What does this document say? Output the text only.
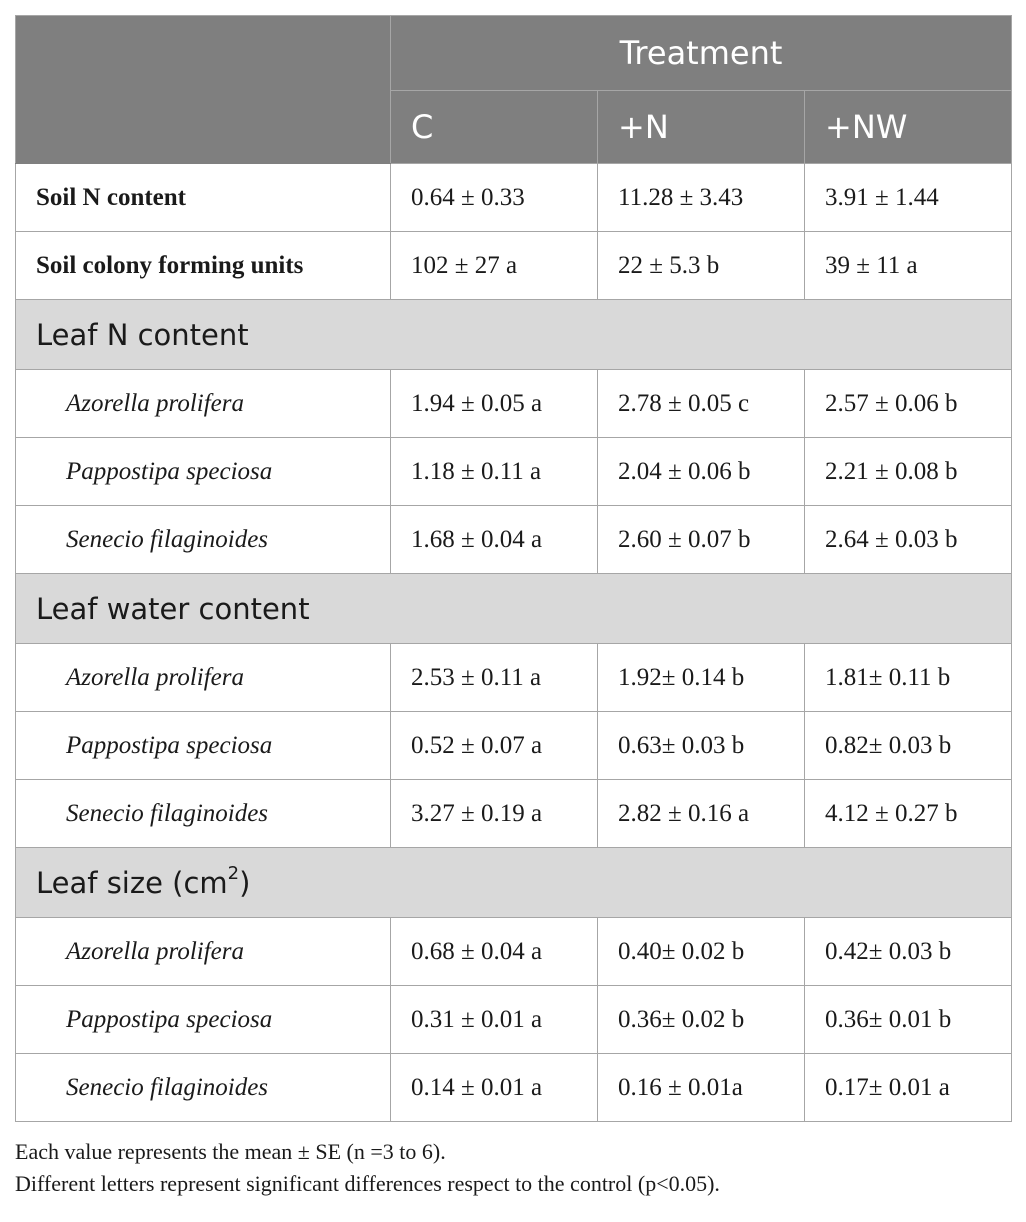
	Treatment		
	C	+N	+NW
Soil N content	0.64 ± 0.33	11.28 ± 3.43	3.91 ± 1.44
Soil colony forming units	102 ± 27 a	22 ± 5.3 b	39 ± 11 a
Leaf N content			
Azorella prolifera	1.94 ± 0.05 a	2.78 ± 0.05 c	2.57 ± 0.06 b
Pappostipa speciosa	1.18 ± 0.11 a	2.04 ± 0.06 b	2.21 ± 0.08 b
Senecio filaginoides	1.68 ± 0.04 a	2.60 ± 0.07 b	2.64 ± 0.03 b
Leaf water content			
Azorella prolifera	2.53 ± 0.11 a	1.92± 0.14 b	1.81± 0.11 b
Pappostipa speciosa	0.52 ± 0.07 a	0.63± 0.03 b	0.82± 0.03 b
Senecio filaginoides	3.27 ± 0.19 a	2.82 ± 0.16 a	4.12 ± 0.27 b
Leaf size $(cm^2)$			
Azorella prolifera	0.68 ± 0.04 a	0.40± 0.02 b	0.42± 0.03 b
Pappostipa speciosa	0.31 ± 0.01 a	0.36± 0.02 b	0.36± 0.01 b
Senecio filaginoides	0.14 ± 0.01 a	0.16 ± 0.01a	0.17± 0.01 a
Each value represents the mean ± SE (n =3 to 6).
Different letters represent significant differences respect to the control (p<0.05).
